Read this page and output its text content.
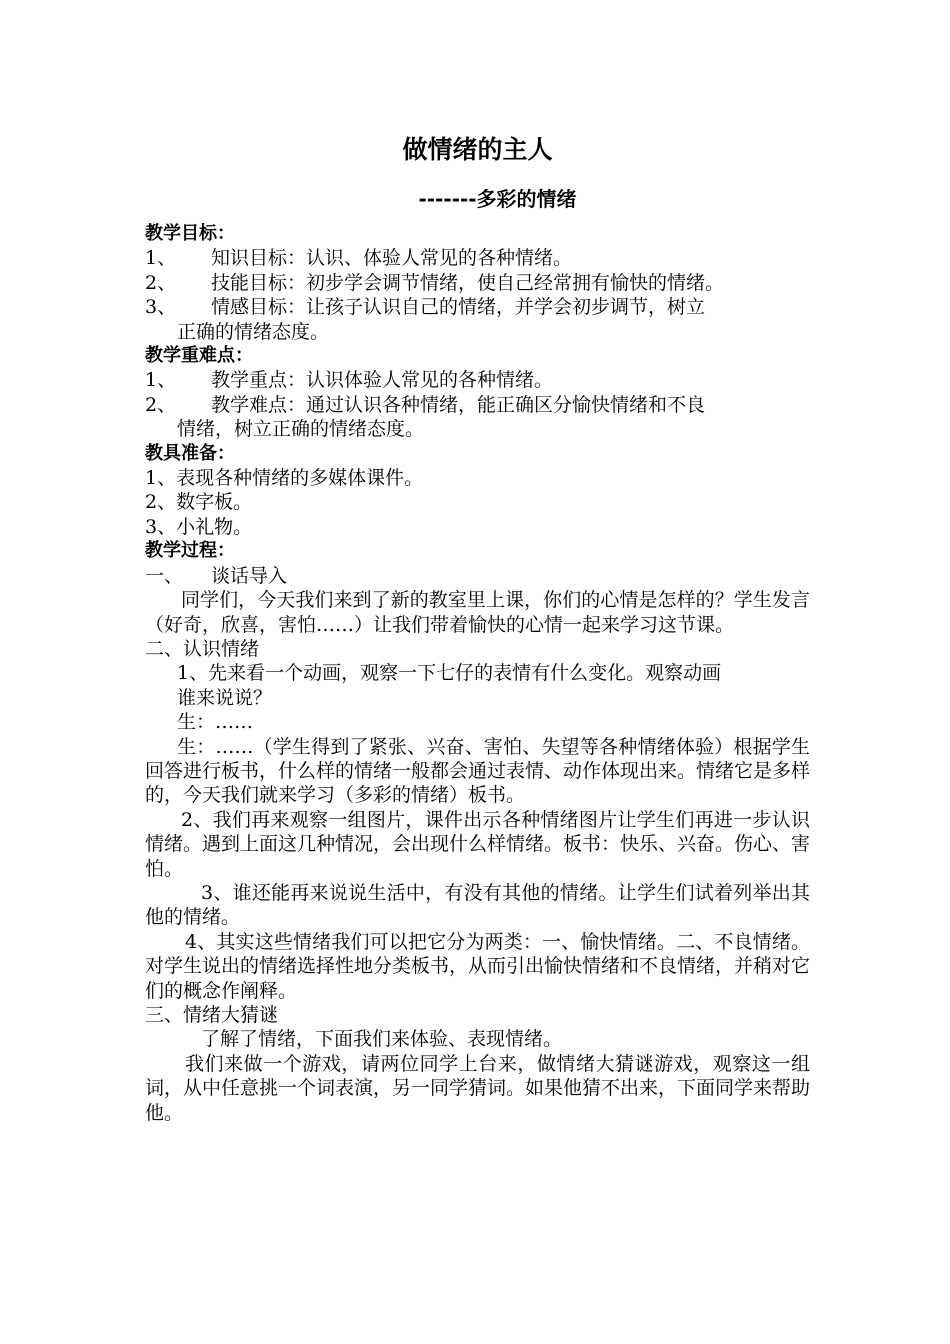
做情绪的主人
-------多彩的情绪

教学目标：

1、	知识目标：认识、体验人常见的各种情绪。
2、	技能目标：初步学会调节情绪，使自己经常拥有愉快的情绪。
3、	情感目标：让孩子认识自己的情绪，并学会初步调节，树立

正确的情绪态度。

教学重难点：

1、	教学重点：认识体验人常见的各种情绪。
2、	教学难点：通过认识各种情绪，能正确区分愉快情绪和不良

情绪，树立正确的情绪态度。

教具准备：

1、表现各种情绪的多媒体课件。

2、数字板。

3、小礼物。

教学过程：

一、	谈话导入

同学们，今天我们来到了新的教室里上课，你们的心情是怎样的？学生发言（好奇，欣喜，害怕……）让我们带着愉快的心情一起来学习这节课。

二、认识情绪

1、先来看一个动画，观察一下七仔的表情有什么变化。观察动画

谁来说说？

生：……

生：……（学生得到了紧张、兴奋、害怕、失望等各种情绪体验）根据学生回答进行板书，什么样的情绪一般都会通过表情、动作体现出来。情绪它是多样的，今天我们就来学习（多彩的情绪）板书。

2、我们再来观察一组图片，课件出示各种情绪图片让学生们再进一步认识情绪。遇到上面这几种情况，会出现什么样情绪。板书：快乐、兴奋。伤心、害怕。

3、谁还能再来说说生活中，有没有其他的情绪。让学生们试着列举出其他的情绪。

4、其实这些情绪我们可以把它分为两类：一、愉快情绪。二、不良情绪。 对学生说出的情绪选择性地分类板书，从而引出愉快情绪和不良情绪，并稍对它们的概念作阐释。

三、情绪大猜谜

了解了情绪，下面我们来体验、表现情绪。

我们来做一个游戏，请两位同学上台来，做情绪大猜谜游戏，观察这一组词，从中任意挑一个词表演，另一同学猜词。如果他猜不出来，下面同学来帮助他。
